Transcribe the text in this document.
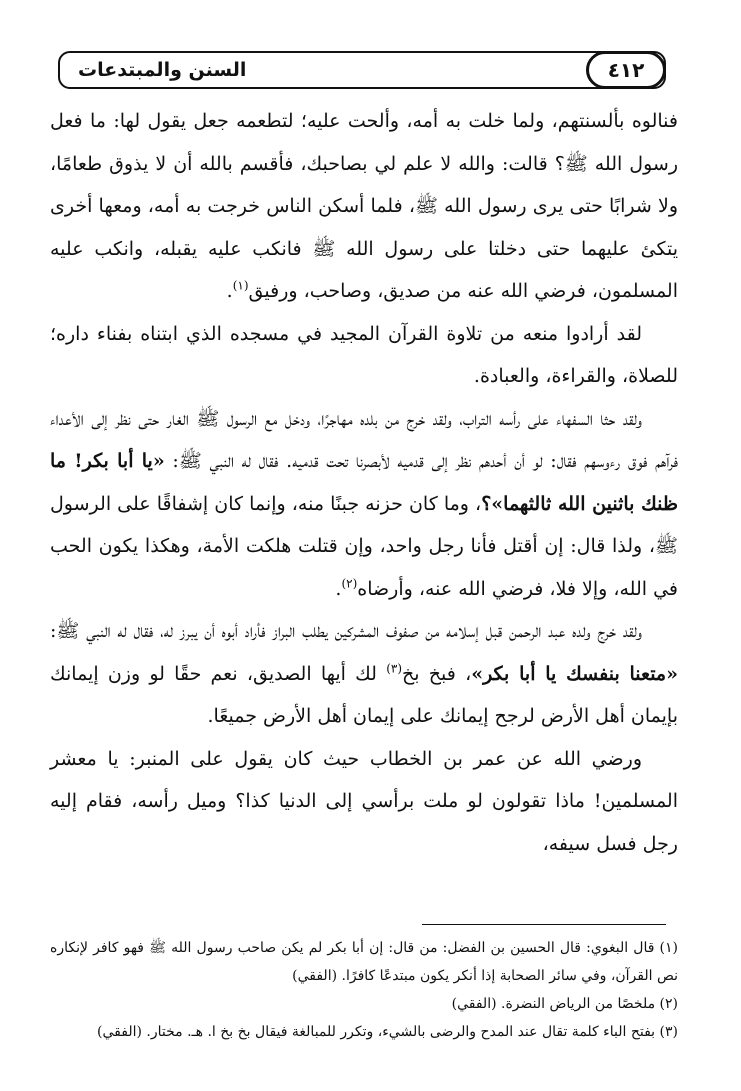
السنن والمبتدعات	٤١٢

فنالوه بألسنتهم، ولما خلت به أمه، وألحت عليه؛ لتطعمه جعل يقول لها: ما فعل رسول الله ﷺ؟ قالت: والله لا علم لي بصاحبك، فأقسم بالله أن لا يذوق طعامًا، ولا شرابًا حتى يرى رسول الله ﷺ، فلما أسكن الناس خرجت به أمه، ومعها أخرى يتكئ عليهما حتى دخلتا على رسول الله ﷺ فانكب عليه يقبله، وانكب عليه المسلمون، فرضي الله عنه من صديق، وصاحب، ورفيق$^{(١)}$.

لقد أرادوا منعه من تلاوة القرآن المجيد في مسجده الذي ابتناه بفناء داره؛ للصلاة، والقراءة، والعبادة.

ولقد حثا السفهاء على رأسه التراب، ولقد خرج من بلده مهاجرًا، ودخل مع الرسول ﷺ الغار حتى نظر إلى الأعداء فرآهم فوق رءوسهم فقال: لو أن أحدهم نظر إلى قدميه لأبصرنا تحت قدميه. فقال له النبي ﷺ: «يا أبا بكر! ما ظنك باثنين الله ثالثهما»؟، وما كان حزنه جبنًا منه، وإنما كان إشفاقًا على الرسول ﷺ، ولذا قال: إن أقتل فأنا رجل واحد، وإن قتلت هلكت الأمة، وهكذا يكون الحب في الله، وإلا فلا، فرضي الله عنه، وأرضاه$^{(٢)}$.

ولقد خرج ولده عبد الرحمن قبل إسلامه من صفوف المشركين يطلب البراز فأراد أبوه أن يبرز له، فقال له النبي ﷺ: «متعنا بنفسك يا أبا بكر»، فبخ بخ$^{(٣)}$ لك أيها الصديق، نعم حقًا لو وزن إيمانك بإيمان أهل الأرض لرجح إيمانك على إيمان أهل الأرض جميعًا.

ورضي الله عن عمر بن الخطاب حيث كان يقول على المنبر: يا معشر المسلمين! ماذا تقولون لو ملت برأسي إلى الدنيا كذا؟ وميل رأسه، فقام إليه رجل فسل سيفه،

(١) قال البغوي: قال الحسين بن الفضل: من قال: إن أبا بكر لم يكن صاحب رسول الله ﷺ فهو كافر لإنكاره نص القرآن، وفي سائر الصحابة إذا أنكر يكون مبتدعًا كافرًا. (الفقي)

(٢) ملخصًا من الرياض النضرة. (الفقي)

(٣) بفتح الباء كلمة تقال عند المدح والرضى بالشيء، وتكرر للمبالغة فيقال بخ بخ ا. هـ. مختار. (الفقي)
